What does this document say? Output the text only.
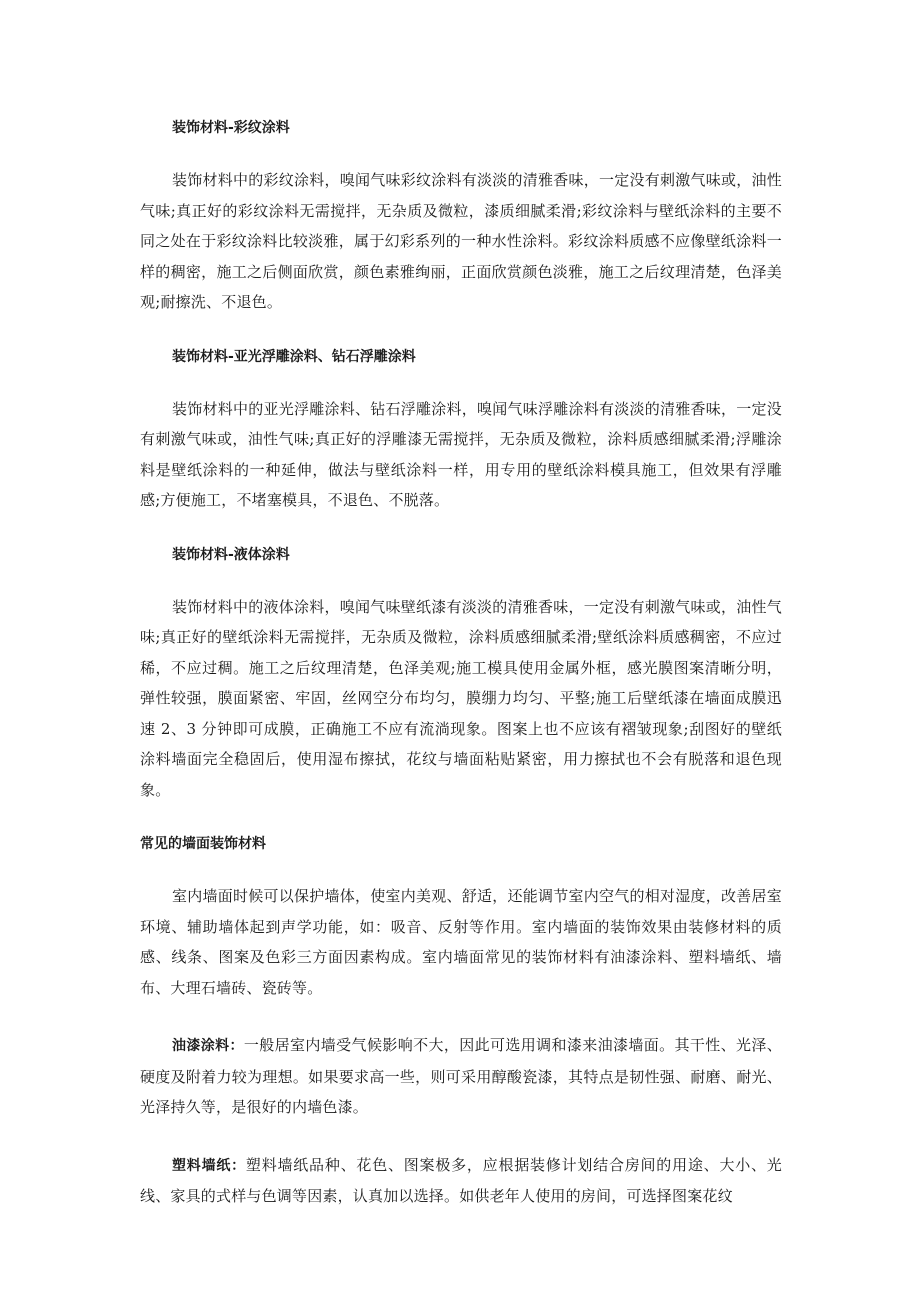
装饰材料-彩纹涂料

装饰材料中的彩纹涂料，嗅闻气味彩纹涂料有淡淡的清雅香味，一定没有刺激气味或，油性气味;真正好的彩纹涂料无需搅拌，无杂质及微粒，漆质细腻柔滑;彩纹涂料与壁纸涂料的主要不同之处在于彩纹涂料比较淡雅，属于幻彩系列的一种水性涂料。彩纹涂料质感不应像壁纸涂料一样的稠密，施工之后侧面欣赏，颜色素雅绚丽，正面欣赏颜色淡雅，施工之后纹理清楚，色泽美观;耐擦洗、不退色。

装饰材料-亚光浮雕涂料、钻石浮雕涂料

装饰材料中的亚光浮雕涂料、钻石浮雕涂料，嗅闻气味浮雕涂料有淡淡的清雅香味，一定没有刺激气味或，油性气味;真正好的浮雕漆无需搅拌，无杂质及微粒，涂料质感细腻柔滑;浮雕涂料是壁纸涂料的一种延伸，做法与壁纸涂料一样，用专用的壁纸涂料模具施工，但效果有浮雕感;方便施工，不堵塞模具，不退色、不脱落。

装饰材料-液体涂料

装饰材料中的液体涂料，嗅闻气味壁纸漆有淡淡的清雅香味，一定没有刺激气味或，油性气味;真正好的壁纸涂料无需搅拌，无杂质及微粒，涂料质感细腻柔滑;壁纸涂料质感稠密，不应过稀，不应过稠。施工之后纹理清楚，色泽美观;施工模具使用金属外框，感光膜图案清晰分明，弹性较强，膜面紧密、牢固，丝网空分布均匀，膜绷力均匀、平整;施工后壁纸漆在墙面成膜迅速 2、3 分钟即可成膜，正确施工不应有流淌现象。图案上也不应该有褶皱现象;刮图好的壁纸涂料墙面完全稳固后，使用湿布擦拭，花纹与墙面粘贴紧密，用力擦拭也不会有脱落和退色现象。

常见的墙面装饰材料

室内墙面时候可以保护墙体，使室内美观、舒适，还能调节室内空气的相对湿度，改善居室环境、辅助墙体起到声学功能，如：吸音、反射等作用。室内墙面的装饰效果由装修材料的质感、线条、图案及色彩三方面因素构成。室内墙面常见的装饰材料有油漆涂料、塑料墙纸、墙布、大理石墙砖、瓷砖等。

油漆涂料：一般居室内墙受气候影响不大，因此可选用调和漆来油漆墙面。其干性、光泽、硬度及附着力较为理想。如果要求高一些，则可采用醇酸瓷漆，其特点是韧性强、耐磨、耐光、光泽持久等，是很好的内墙色漆。

塑料墙纸：塑料墙纸品种、花色、图案极多，应根据装修计划结合房间的用途、大小、光线、家具的式样与色调等因素，认真加以选择。如供老年人使用的房间，可选择图案花纹
